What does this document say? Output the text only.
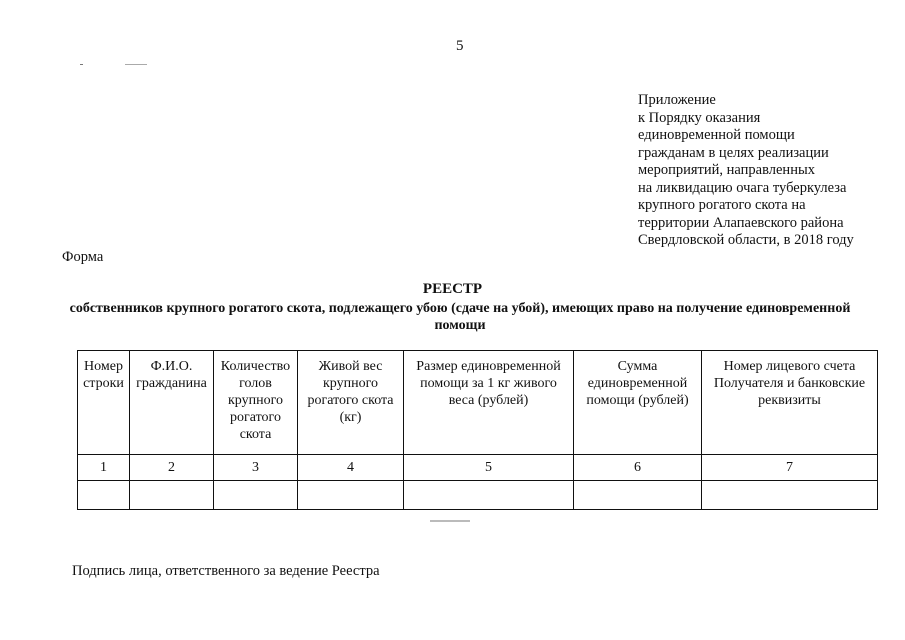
5
Приложение
к Порядку оказания
единовременной помощи
гражданам в целях реализации
мероприятий, направленных
на ликвидацию очага туберкулеза
крупного рогатого скота на
территории Алапаевского района
Свердловской области, в 2018 году
Форма
РЕЕСТР
собственников крупного рогатого скота, подлежащего убою (сдаче на убой), имеющих право на получение единовременной помощи
Номер строки	Ф.И.О. гражданина	Количество голов крупного рогатого скота	Живой вес крупного рогатого скота (кг)	Размер единовременной помощи за 1 кг живого веса (рублей)	Сумма единовременной помощи (рублей)	Номер лицевого счета Получателя и банковские реквизиты
1	2	3	4	5	6	7

Подпись лица, ответственного за ведение Реестра
